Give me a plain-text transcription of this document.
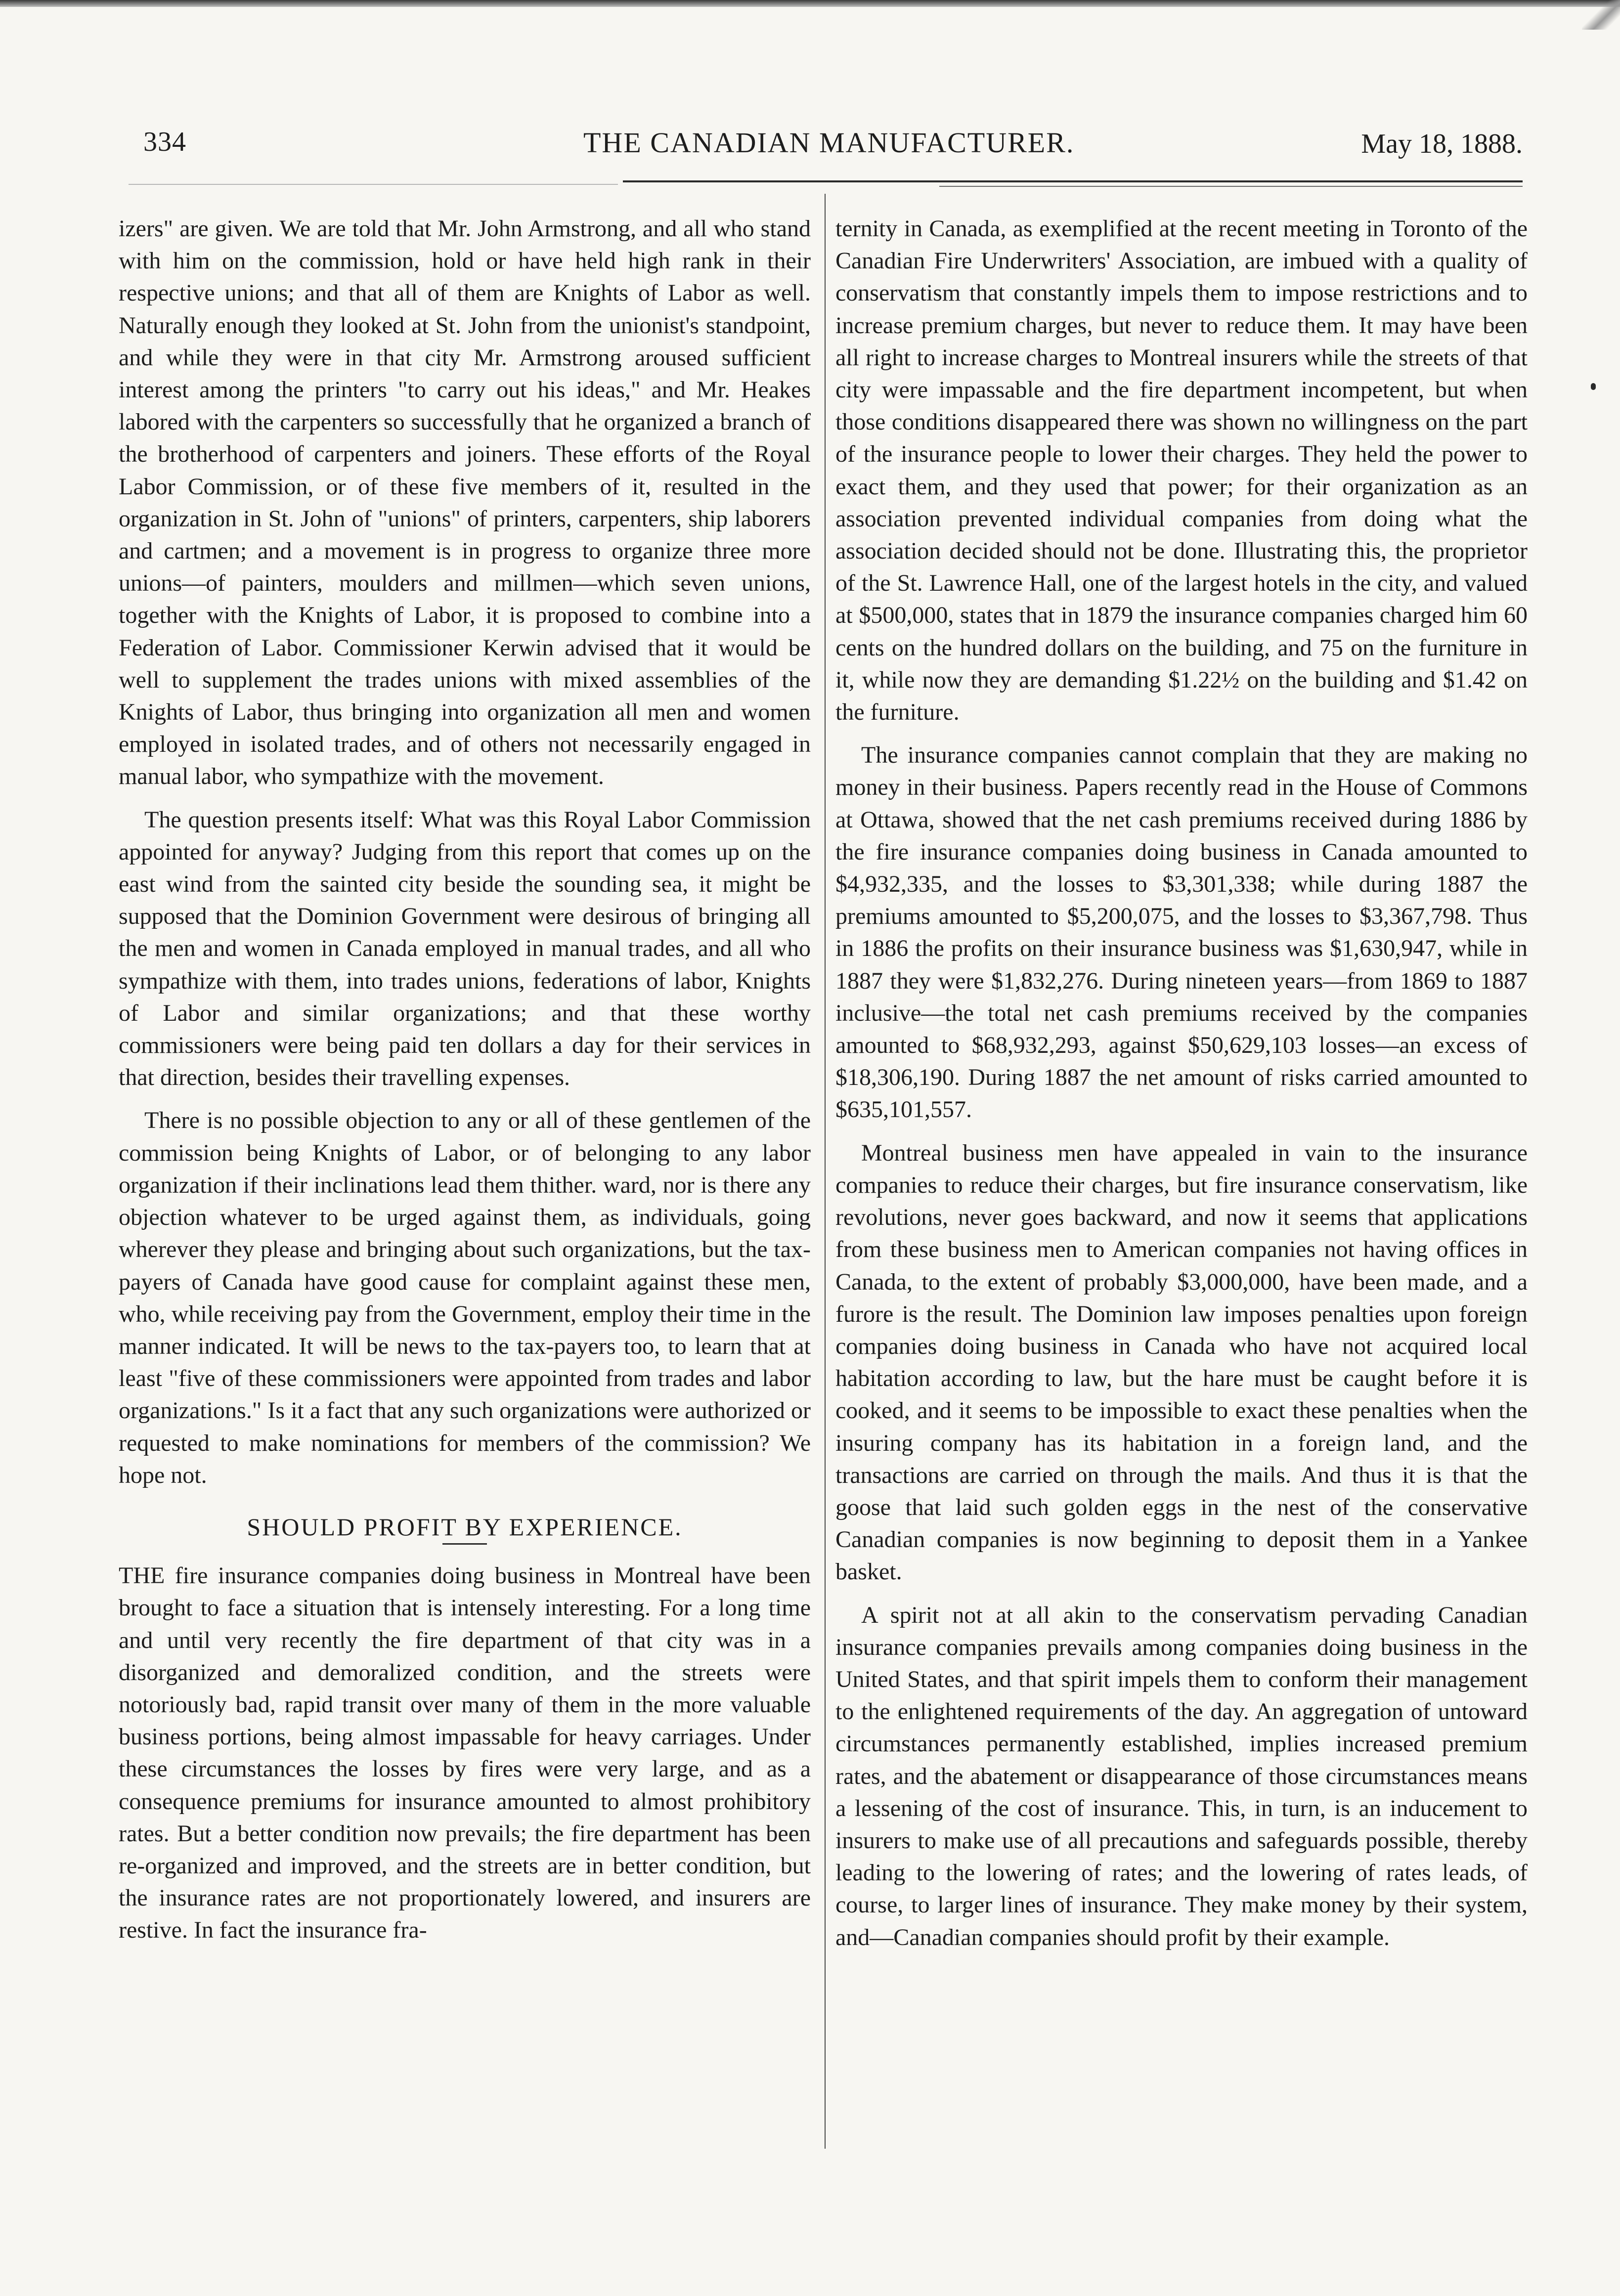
334	THE CANADIAN MANUFACTURER.	May 18, 1888.

izers" are given. We are told that Mr. John Armstrong, and all who stand with him on the commission, hold or have held high rank in their respective unions; and that all of them are Knights of Labor as well. Naturally enough they looked at St. John from the unionist's standpoint, and while they were in that city Mr. Armstrong aroused sufficient interest among the printers "to carry out his ideas," and Mr. Heakes labored with the carpenters so successfully that he organized a branch of the brotherhood of carpenters and joiners. These efforts of the Royal Labor Commission, or of these five members of it, resulted in the organization in St. John of "unions" of printers, carpenters, ship laborers and cartmen; and a movement is in progress to organize three more unions—of painters, moulders and millmen—which seven unions, together with the Knights of Labor, it is proposed to combine into a Federation of Labor. Commissioner Kerwin advised that it would be well to supplement the trades unions with mixed assemblies of the Knights of Labor, thus bringing into organization all men and women employed in isolated trades, and of others not necessarily engaged in manual labor, who sympathize with the movement.

The question presents itself: What was this Royal Labor Commission appointed for anyway? Judging from this report that comes up on the east wind from the sainted city beside the sounding sea, it might be supposed that the Dominion Government were desirous of bringing all the men and women in Canada employed in manual trades, and all who sympathize with them, into trades unions, federations of labor, Knights of Labor and similar organizations; and that these worthy commissioners were being paid ten dollars a day for their services in that direction, besides their travelling expenses.

There is no possible objection to any or all of these gentlemen of the commission being Knights of Labor, or of belonging to any labor organization if their inclinations lead them thither. ward, nor is there any objection whatever to be urged against them, as individuals, going wherever they please and bringing about such organizations, but the tax-payers of Canada have good cause for complaint against these men, who, while receiving pay from the Government, employ their time in the manner indicated. It will be news to the tax-payers too, to learn that at least "five of these commissioners were appointed from trades and labor organizations." Is it a fact that any such organizations were authorized or requested to make nominations for members of the commission? We hope not.

SHOULD PROFIT BY EXPERIENCE.

THE fire insurance companies doing business in Montreal have been brought to face a situation that is intensely interesting. For a long time and until very recently the fire department of that city was in a disorganized and demoralized condition, and the streets were notoriously bad, rapid transit over many of them in the more valuable business portions, being almost impassable for heavy carriages. Under these circumstances the losses by fires were very large, and as a consequence premiums for insurance amounted to almost prohibitory rates. But a better condition now prevails; the fire department has been re-organized and improved, and the streets are in better condition, but the insurance rates are not proportionately lowered, and insurers are restive. In fact the insurance fra-

ternity in Canada, as exemplified at the recent meeting in Toronto of the Canadian Fire Underwriters' Association, are imbued with a quality of conservatism that constantly impels them to impose restrictions and to increase premium charges, but never to reduce them. It may have been all right to increase charges to Montreal insurers while the streets of that city were impassable and the fire department incompetent, but when those conditions disappeared there was shown no willingness on the part of the insurance people to lower their charges. They held the power to exact them, and they used that power; for their organization as an association prevented individual companies from doing what the association decided should not be done. Illustrating this, the proprietor of the St. Lawrence Hall, one of the largest hotels in the city, and valued at $500,000, states that in 1879 the insurance companies charged him 60 cents on the hundred dollars on the building, and 75 on the furniture in it, while now they are demanding $1.22½ on the building and $1.42 on the furniture.

The insurance companies cannot complain that they are making no money in their business. Papers recently read in the House of Commons at Ottawa, showed that the net cash premiums received during 1886 by the fire insurance companies doing business in Canada amounted to $4,932,335, and the losses to $3,301,338; while during 1887 the premiums amounted to $5,200,075, and the losses to $3,367,798. Thus in 1886 the profits on their insurance business was $1,630,947, while in 1887 they were $1,832,276. During nineteen years—from 1869 to 1887 inclusive—the total net cash premiums received by the companies amounted to $68,932,293, against $50,629,103 losses—an excess of $18,306,190. During 1887 the net amount of risks carried amounted to $635,101,557.

Montreal business men have appealed in vain to the insurance companies to reduce their charges, but fire insurance conservatism, like revolutions, never goes backward, and now it seems that applications from these business men to American companies not having offices in Canada, to the extent of probably $3,000,000, have been made, and a furore is the result. The Dominion law imposes penalties upon foreign companies doing business in Canada who have not acquired local habitation according to law, but the hare must be caught before it is cooked, and it seems to be impossible to exact these penalties when the insuring company has its habitation in a foreign land, and the transactions are carried on through the mails. And thus it is that the goose that laid such golden eggs in the nest of the conservative Canadian companies is now beginning to deposit them in a Yankee basket.

A spirit not at all akin to the conservatism pervading Canadian insurance companies prevails among companies doing business in the United States, and that spirit impels them to conform their management to the enlightened requirements of the day. An aggregation of untoward circumstances permanently established, implies increased premium rates, and the abatement or disappearance of those circumstances means a lessening of the cost of insurance. This, in turn, is an inducement to insurers to make use of all precautions and safeguards possible, thereby leading to the lowering of rates; and the lowering of rates leads, of course, to larger lines of insurance. They make money by their system, and—Canadian companies should profit by their example.
